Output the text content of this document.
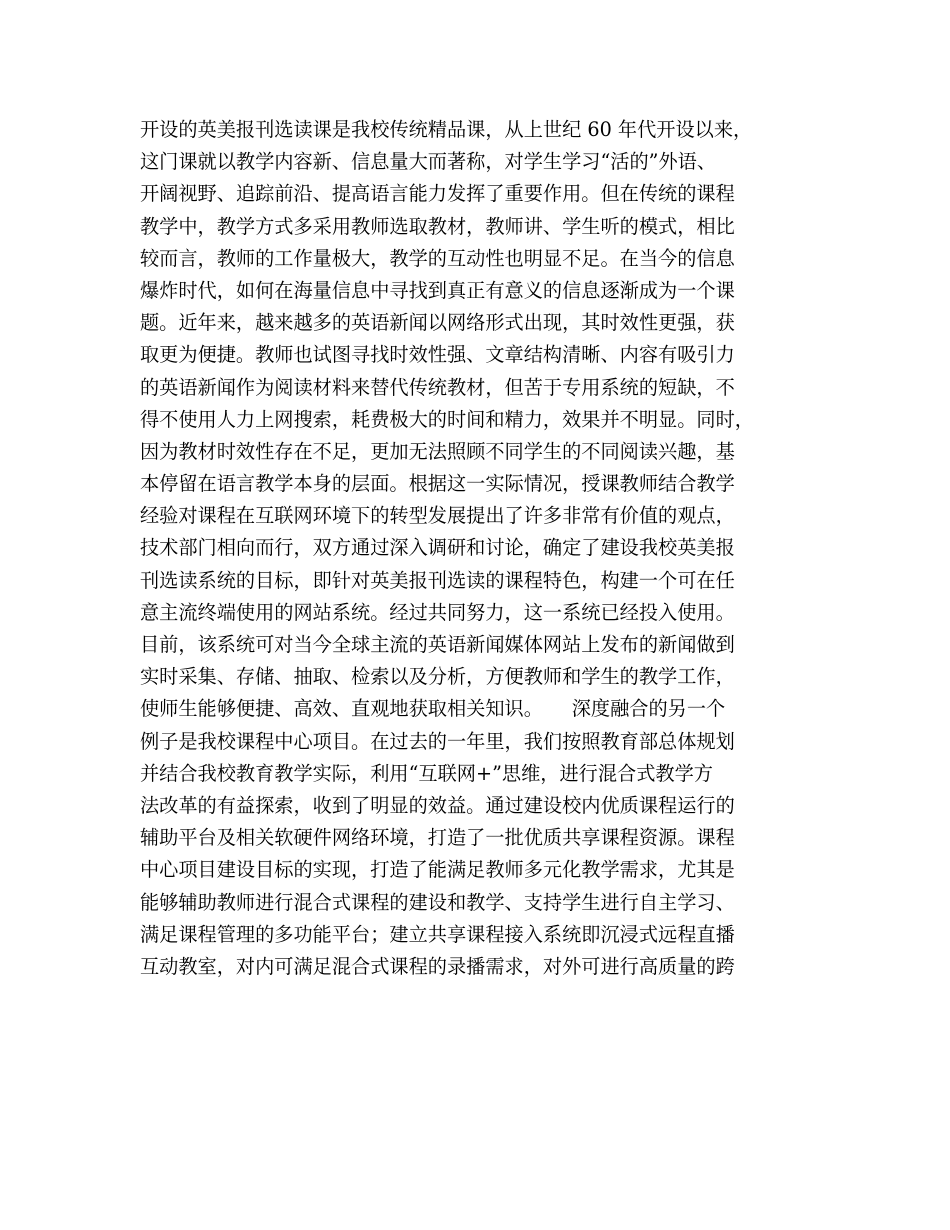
开设的英美报刊选读课是我校传统精品课，从上世纪 60 年代开设以来，
这门课就以教学内容新、信息量大而著称，对学生学习“活的”外语、
开阔视野、追踪前沿、提高语言能力发挥了重要作用。但在传统的课程
教学中，教学方式多采用教师选取教材，教师讲、学生听的模式，相比
较而言，教师的工作量极大，教学的互动性也明显不足。在当今的信息
爆炸时代，如何在海量信息中寻找到真正有意义的信息逐渐成为一个课
题。近年来，越来越多的英语新闻以网络形式出现，其时效性更强，获
取更为便捷。教师也试图寻找时效性强、文章结构清晰、内容有吸引力
的英语新闻作为阅读材料来替代传统教材，但苦于专用系统的短缺，不
得不使用人力上网搜索，耗费极大的时间和精力，效果并不明显。同时，
因为教材时效性存在不足，更加无法照顾不同学生的不同阅读兴趣，基
本停留在语言教学本身的层面。根据这一实际情况，授课教师结合教学
经验对课程在互联网环境下的转型发展提出了许多非常有价值的观点，
技术部门相向而行，双方通过深入调研和讨论，确定了建设我校英美报
刊选读系统的目标，即针对英美报刊选读的课程特色，构建一个可在任
意主流终端使用的网站系统。经过共同努力，这一系统已经投入使用。
目前，该系统可对当今全球主流的英语新闻媒体网站上发布的新闻做到
实时采集、存储、抽取、检索以及分析，方便教师和学生的教学工作，
使师生能够便捷、高效、直观地获取相关知识。　　深度融合的另一个
例子是我校课程中心项目。在过去的一年里，我们按照教育部总体规划
并结合我校教育教学实际，利用“互联网+”思维，进行混合式教学方
法改革的有益探索，收到了明显的效益。通过建设校内优质课程运行的
辅助平台及相关软硬件网络环境，打造了一批优质共享课程资源。课程
中心项目建设目标的实现，打造了能满足教师多元化教学需求，尤其是
能够辅助教师进行混合式课程的建设和教学、支持学生进行自主学习、
满足课程管理的多功能平台；建立共享课程接入系统即沉浸式远程直播
互动教室，对内可满足混合式课程的录播需求，对外可进行高质量的跨
